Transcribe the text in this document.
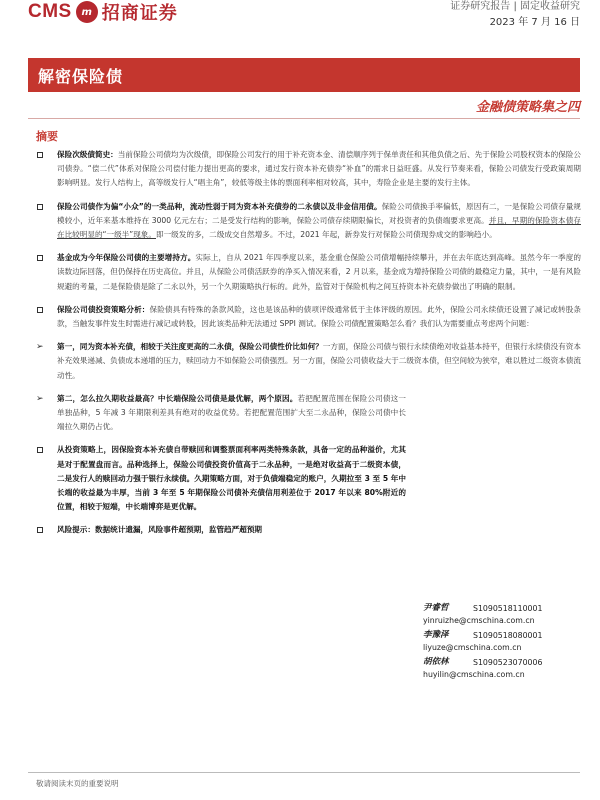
CMS m 招商证券	证券研究报告 | 固定收益研究
2023 年 7 月 16 日
解密保险债
金融债策略集之四
摘要
保险次级债简史：当前保险公司债均为次级债，即保险公司发行的用于补充资本金、清偿顺序列于保单责任和其他负债之后、先于保险公司股权资本的保险公司债券。“偿二代”体系对保险公司偿付能力提出更高的要求，通过发行资本补充债券“补血”的需求日益旺盛。从发行节奏来看，保险公司债发行受政策周期影响明显。发行人结构上，高等级发行人“唱主角”，较低等级主体的票面利率相对较高，其中，寿险企业是主要的发行主体。
保险公司债作为偏“小众”的一类品种，流动性弱于同为资本补充债券的二永债以及非金信用债。保险公司债换手率偏低，原因有二，一是保险公司债存量规模较小，近年来基本维持在 3000 亿元左右；二是受发行结构的影响，保险公司债存续期限偏长，对投资者的负债端要求更高。并且，早期的保险资本债存在比较明显的“一级半”现象。即一级发的多，二级成交自然增多。不过，2021 年起，新券发行对保险公司债现券成交的影响趋小。
基金成为今年保险公司债的主要增持方。实际上，自从 2021 年四季度以来，基金重仓保险公司债增幅持续攀升，并在去年底达到高峰。虽然今年一季度的读数边际回落，但仍保持在历史高位。并且，从保险公司债活跃券的净买入情况来看，2 月以来，基金成为增持保险公司债的最稳定力量，其中，一是有风险规避的考量，二是保险债是除了二永以外，另一个久期策略执行标的。此外，监管对于保险机构之间互持资本补充债券做出了明确的限制。
保险公司债投资策略分析：保险债具有特殊的条款风险，这也是该品种的债项评级通常低于主体评级的原因。此外，保险公司永续债还设置了减记或转股条款，当触发事件发生时需进行减记或转股，因此该类品种无法通过 SPPI 测试。保险公司债配置策略怎么看？我们认为需要重点考虑两个问题：
➢ 第一，同为资本补充债，相较于关注度更高的二永债，保险公司债性价比如何？一方面，保险公司债与银行永续债绝对收益基本持平，但银行永续债没有资本补充效果递减、负债成本递增的压力，赎回动力不如保险公司债强烈。另一方面，保险公司债收益大于二级资本债，但空间较为狭窄，难以胜过二级资本债流动性。
➢ 第二，怎么拉久期收益最高？中长端保险公司债是最优解，两个原因。若把配置范围在保险公司债这一单独品种，5 年减 3 年期限利差具有绝对的收益优势。若把配置范围扩大至二永品种，保险公司债中长端拉久期仍占优。
从投资策略上，因保险资本补充债自带赎回和调整票面利率两类特殊条款，具备一定的品种溢价，尤其是对于配置盘而言。品种选择上，保险公司债投资价值高于二永品种，一是绝对收益高于二级资本债，二是发行人的赎回动力强于银行永续债。久期策略方面，对于负债端稳定的账户，久期拉至 3 至 5 年中长端的收益最为丰厚，当前 3 年至 5 年期保险公司债补充债信用利差位于 2017 年以来 80%附近的位置，相较于短端，中长端博弈是更优解。
风险提示：数据统计遗漏，风险事件超预期，监管趋严超预期
尹睿哲	S1090518110001
yinruizhe@cmschina.com.cn
李豫泽	S1090518080001
liyuze@cmschina.com.cn
胡依林	S1090523070006
huyilin@cmschina.com.cn
敬请阅读末页的重要说明
